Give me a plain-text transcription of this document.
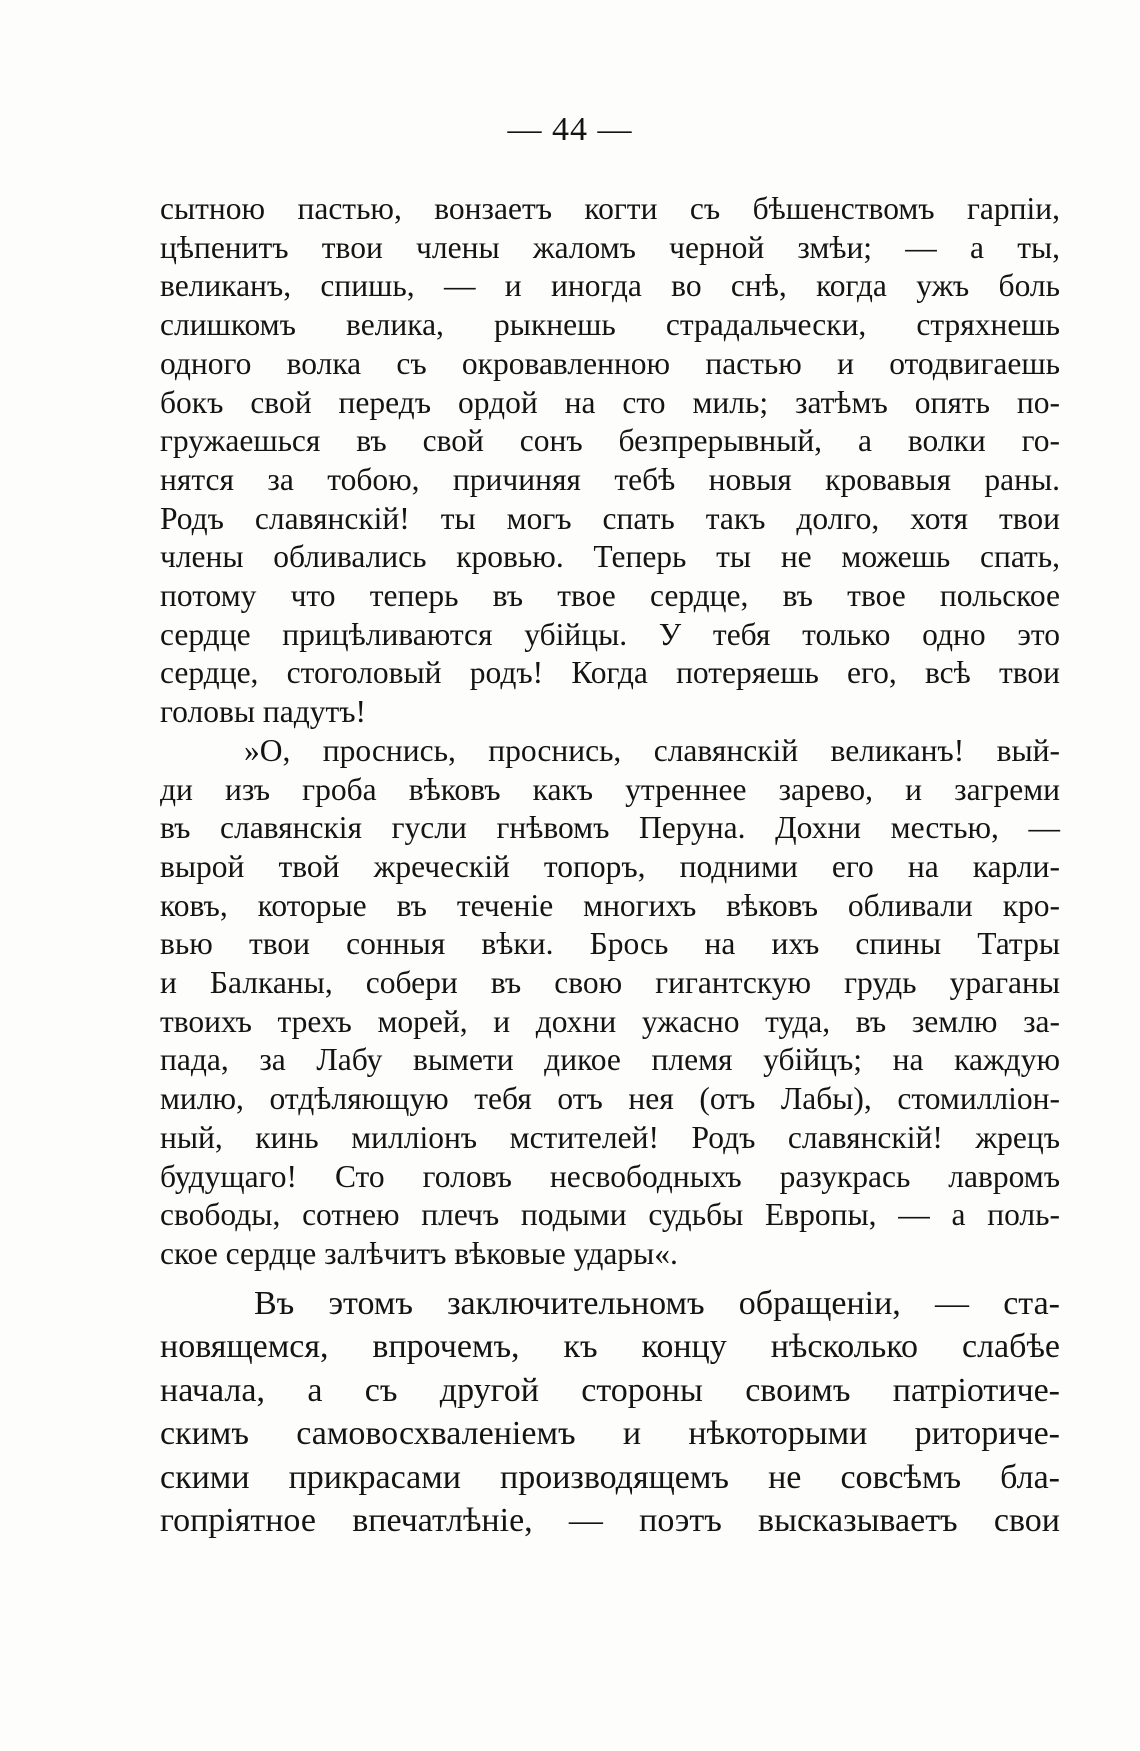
— 44 —
сытною пастью, вонзаетъ когти съ бѣшенствомъ гарпіи,
цѣпенитъ твои члены жаломъ черной змѣи; — а ты,
великанъ, спишь, — и иногда во снѣ, когда ужъ боль
слишкомъ велика, рыкнешь страдальчески, стряхнешь
одного волка съ окровавленною пастью и отодвигаешь
бокъ свой передъ ордой на сто миль; затѣмъ опять по-
гружаешься въ свой сонъ безпрерывный, а волки го-
нятся за тобою, причиняя тебѣ новыя кровавыя раны.
Родъ славянскій! ты могъ спать такъ долго, хотя твои
члены обливались кровью. Теперь ты не можешь спать,
потому что теперь въ твое сердце, въ твое польское
сердце прицѣливаются убійцы. У тебя только одно это
сердце, стоголовый родъ! Когда потеряешь его, всѣ твои
головы падутъ!
»О, проснись, проснись, славянскій великанъ! вый-
ди изъ гроба вѣковъ какъ утреннее зарево, и загреми
въ славянскія гусли гнѣвомъ Перуна. Дохни местью, —
вырой твой жреческій топоръ, подними его на карли-
ковъ, которые въ теченіе многихъ вѣковъ обливали кро-
вью твои сонныя вѣки. Брось на ихъ спины Татры
и Балканы, собери въ свою гигантскую грудь ураганы
твоихъ трехъ морей, и дохни ужасно туда, въ землю за-
пада, за Лабу вымети дикое племя убійцъ; на каждую
милю, отдѣляющую тебя отъ нея (отъ Лабы), стомилліон-
ный, кинь милліонъ мстителей! Родъ славянскій! жрецъ
будущаго! Сто головъ несвободныхъ разукрась лавромъ
свободы, сотнею плечъ подыми судьбы Европы, — а поль-
ское сердце залѣчитъ вѣковые удары«.
Въ этомъ заключительномъ обращеніи, — ста-
новящемся, впрочемъ, къ концу нѣсколько слабѣе
начала, а съ другой стороны своимъ патріотиче-
скимъ самовосхваленіемъ и нѣкоторыми риториче-
скими прикрасами производящемъ не совсѣмъ бла-
гопріятное впечатлѣніе, — поэтъ высказываетъ свои
